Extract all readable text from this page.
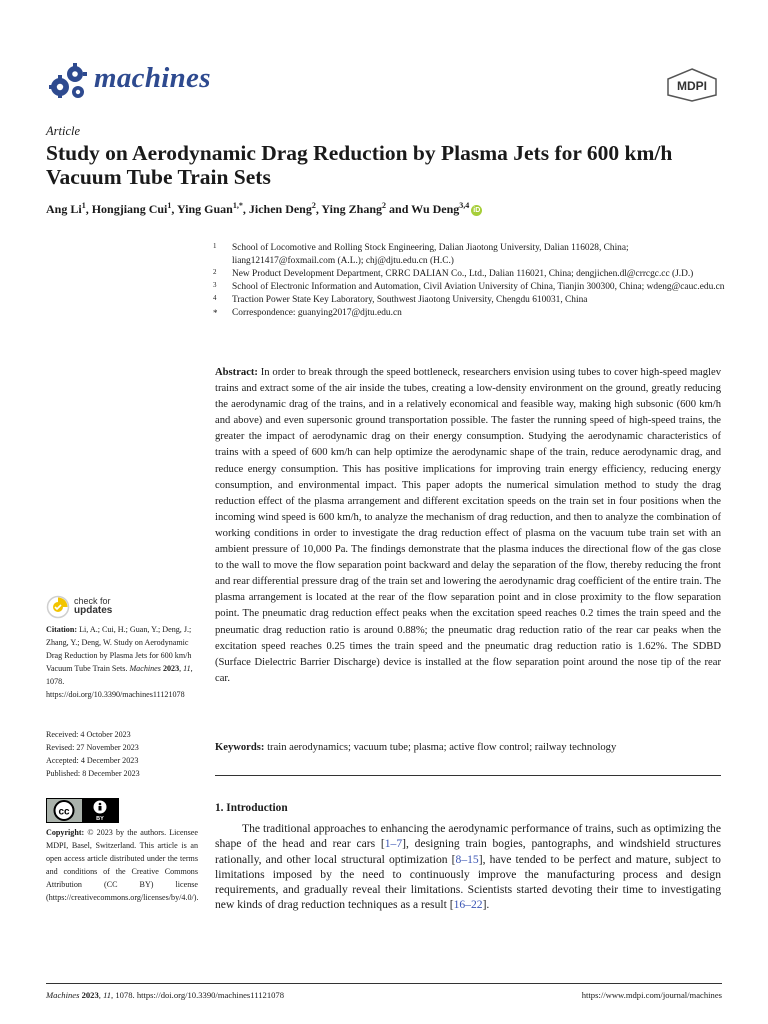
machines	MDPI
Article
Study on Aerodynamic Drag Reduction by Plasma Jets for 600 km/h Vacuum Tube Train Sets
Ang Li$^1$, Hongjiang Cui$^1$, Ying Guan$^{1,*}$, Jichen Deng$^2$, Ying Zhang$^2$ and Wu Deng$^{3,4}$iD
1 School of Locomotive and Rolling Stock Engineering, Dalian Jiaotong University, Dalian 116028, China; liang121417@foxmail.com (A.L.); chj@djtu.edu.cn (H.C.)
2 New Product Development Department, CRRC DALIAN Co., Ltd., Dalian 116021, China; dengjichen.dl@crrcgc.cc (J.D.)
3 School of Electronic Information and Automation, Civil Aviation University of China, Tianjin 300300, China; wdeng@cauc.edu.cn
4 Traction Power State Key Laboratory, Southwest Jiaotong University, Chengdu 610031, China
* Correspondence: guanying2017@djtu.edu.cn
Abstract: In order to break through the speed bottleneck, researchers envision using tubes to cover high-speed maglev trains and extract some of the air inside the tubes, creating a low-density environment on the ground, greatly reducing the aerodynamic drag of the trains, and in a relatively economical and feasible way, making high subsonic (600 km/h and above) and even supersonic ground transportation possible. The faster the running speed of high-speed trains, the greater the impact of aerodynamic drag on their energy consumption. Studying the aerodynamic characteristics of trains with a speed of 600 km/h can help optimize the aerodynamic shape of the train, reduce aerodynamic drag, and reduce energy consumption. This has positive implications for improving train energy efficiency, reducing energy consumption, and environmental impact. This paper adopts the numerical simulation method to study the drag reduction effect of the plasma arrangement and different excitation speeds on the train set in four positions when the incoming wind speed is 600 km/h, to analyze the mechanism of drag reduction, and then to analyze the combination of working conditions in order to investigate the drag reduction effect of plasma on the vacuum tube train set with an ambient pressure of 10,000 Pa. The findings demonstrate that the plasma induces the directional flow of the gas close to the wall to move the flow separation point backward and delay the separation of the flow, thereby reducing the front and rear differential pressure drag of the train set and lowering the aerodynamic drag coefficient of the entire train. The plasma arrangement is located at the rear of the flow separation point and in close proximity to the flow separation point. The pneumatic drag reduction effect peaks when the excitation speed reaches 0.2 times the train speed and the pneumatic drag reduction ratio is around 0.88%; the pneumatic drag reduction ratio of the rear car peaks when the excitation speed reaches 0.25 times the train speed and the pneumatic drag reduction ratio is 1.62%. The SDBD (Surface Dielectric Barrier Discharge) device is installed at the flow separation point around the nose tip of the rear car.
Keywords: train aerodynamics; vacuum tube; plasma; active flow control; railway technology
check for
updates
Citation: Li, A.; Cui, H.; Guan, Y.; Deng, J.; Zhang, Y.; Deng, W. Study on Aerodynamic Drag Reduction by Plasma Jets for 600 km/h Vacuum Tube Train Sets. Machines 2023, 11, 1078. https://doi.org/10.3390/machines11121078
Received: 4 October 2023
Revised: 27 November 2023
Accepted: 4 December 2023
Published: 8 December 2023
cc
BY
Copyright: © 2023 by the authors. Licensee MDPI, Basel, Switzerland. This article is an open access article distributed under the terms and conditions of the Creative Commons Attribution (CC BY) license (https://creativecommons.org/licenses/by/4.0/).
1. Introduction
The traditional approaches to enhancing the aerodynamic performance of trains, such as optimizing the shape of the head and rear cars [1–7], designing train bogies, pantographs, and windshield structures rationally, and other local structural optimization [8–15], have tended to be perfect and mature, subject to limitations imposed by the need to continuously improve the manufacturing process and design requirements, and gradually reveal their limitations. Scientists started devoting their time to investigating new kinds of drag reduction techniques as a result [16–22].
Machines 2023, 11, 1078. https://doi.org/10.3390/machines11121078	https://www.mdpi.com/journal/machines
